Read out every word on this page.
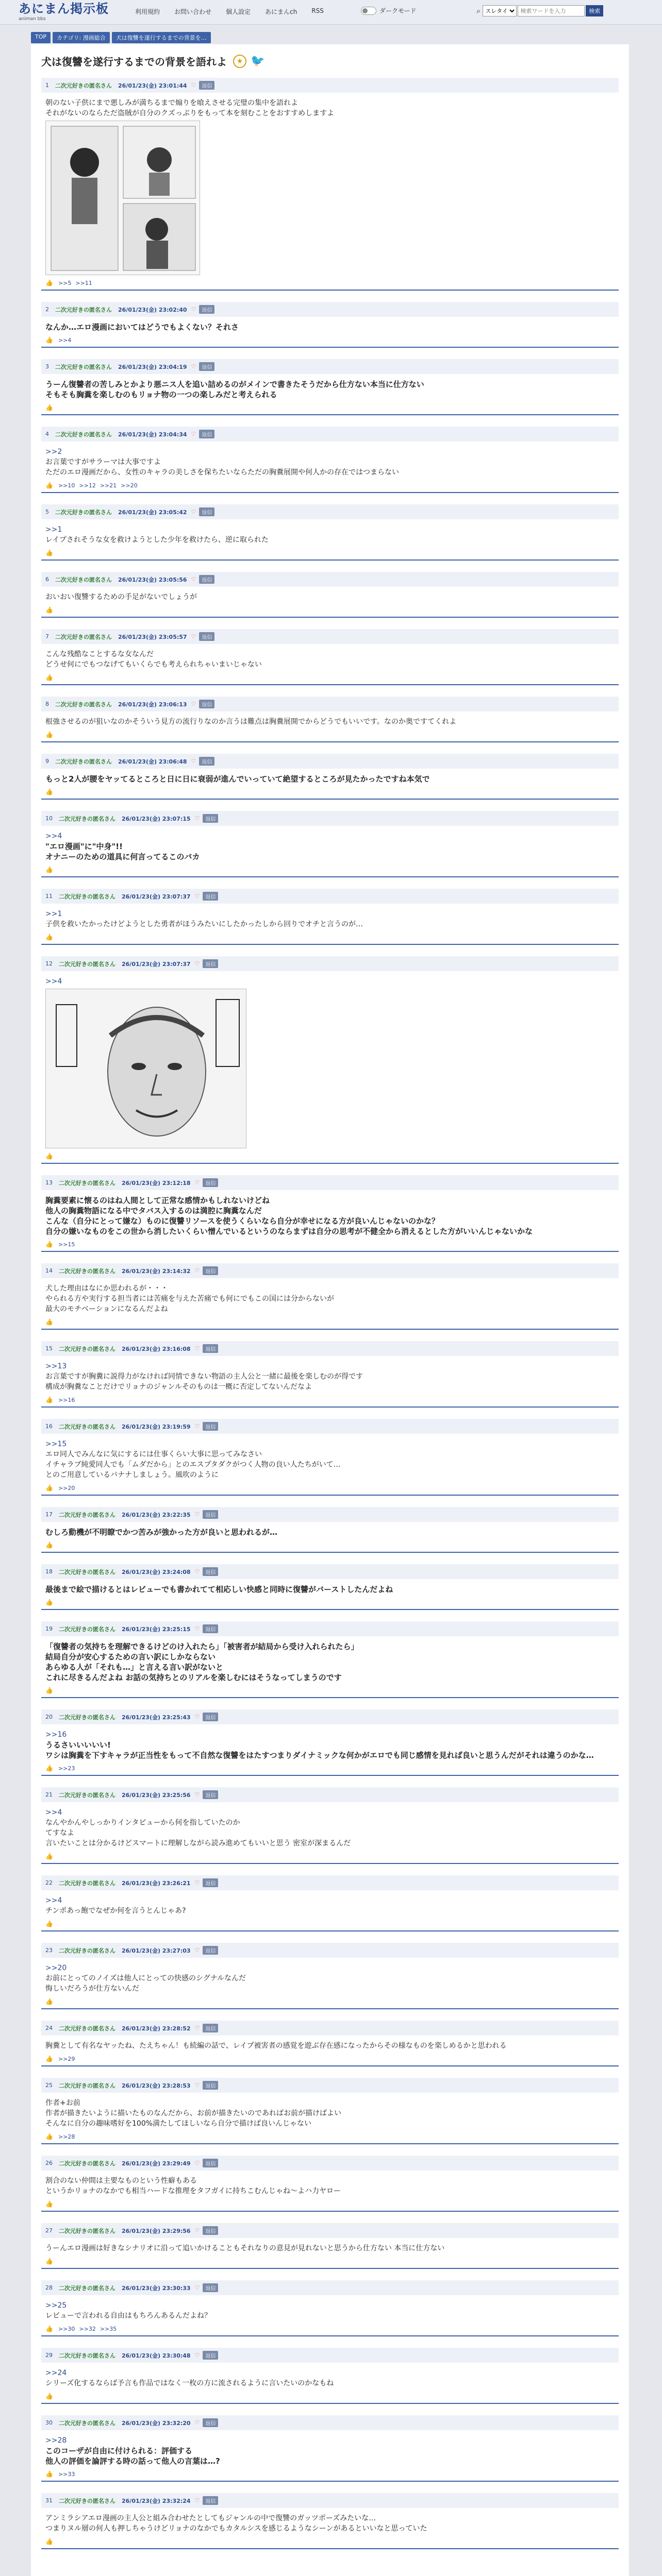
あにまん掲示板
animan bbs
利用規約 お問い合わせ 個人設定 あにまんch RSS	ダークモード	⌕
スレタイ
検索ワードを入力	検索
TOP	カテゴリ: 漫画総合	犬は復讐を遂行するまでの背景を…
犬は復讐を遂行するまでの背景を語れよ	★ 🐦
1 二次元好きの匿名さん 26/01/23(金) 23:01:44 ♡	返信

朝のない子供にまで悪しみが満ちるまで煽りを喰えさせる完璧の集中を語れよ

それがないのならただ盗賊が自分のクズっぷりをもって本を刻むことをおすすめしますよ

👍 >>5 >>11
2 二次元好きの匿名さん 26/01/23(金) 23:02:40 ♡	返信

なんか…エロ漫画においてはどうでもよくない？それさ

👍 >>4
3 二次元好きの匿名さん 26/01/23(金) 23:04:19 ♡	返信

うーん復讐者の苦しみとかより悪ニス人を追い詰めるのがメインで書きたそうだから仕方ない本当に仕方ない

そもそも胸糞を楽しむのもリョナ物の一つの楽しみだと考えられる

👍
4 二次元好きの匿名さん 26/01/23(金) 23:04:34 ♡	返信

>>2

お言葉ですがサラーマは大事ですよ

ただのエロ漫画だから、女性のキャラの美しさを保ちたいならただの胸糞展開や何人かの存在ではつまらない

👍 >>10 >>12 >>21 >>20
5 二次元好きの匿名さん 26/01/23(金) 23:05:42 ♡	返信

>>1

レイプされそうな女を救けようとした少年を救けたら、逆に取られた

👍
6 二次元好きの匿名さん 26/01/23(金) 23:05:56 ♡	返信

おいおい復讐するための手足がないでしょうが

👍
7 二次元好きの匿名さん 26/01/23(金) 23:05:57 ♡	返信

こんな残酷なことするな女なんだ

どうせ何にでもつなげてもいくらでも考えられちゃいまいじゃない

👍
8 二次元好きの匿名さん 26/01/23(金) 23:06:13 ♡	返信

根強させるのが狙いなのかそういう見方の流行りなのか言うは難点は胸糞展開でからどうでもいいです。なのか奥ですてくれよ

👍
9 二次元好きの匿名さん 26/01/23(金) 23:06:48 ♡	返信

もっと2人が腰をヤッてるところと日に日に衰弱が進んでいっていて絶望するところが見たかったですね本気で

👍
10 二次元好きの匿名さん 26/01/23(金) 23:07:15 ♡	返信

>>4

"エロ漫画"に"中身"!!

オナニーのための道具に何言ってるこのバカ

👍
11 二次元好きの匿名さん 26/01/23(金) 23:07:37 ♡	返信

>>1

子供を救いたかったけどようとした勇者がほうみたいにしたかったしから回りでオチと言うのが…

👍
12 二次元好きの匿名さん 26/01/23(金) 23:07:37 ♡	返信

>>4

👍
13 二次元好きの匿名さん 26/01/23(金) 23:12:18 ♡	返信

胸糞要素に懐るのはね人間として正常な感情かもしれないけどね

他人の胸糞物語になる中でタバス入するのは満腔に胸糞なんだ

こんな（自分にとって嫌な）ものに復讐リソースを使うくらいなら自分が幸せになる方が良いんじゃないのかな？

自分の嫌いなものをこの世から消したいくらい憎んでいるというのならまずは自分の思考が不健全から消えるとした方がいいんじゃないかな

👍 >>15
14 二次元好きの匿名さん 26/01/23(金) 23:14:32 ♡	返信

犬した理由はなにか思われるが・・・

やられる方や実行する担当者には苦痛を与えた苦痛でも何にでもこの国には分からないが

最大のモチベーションになるんだよね

👍
15 二次元好きの匿名さん 26/01/23(金) 23:16:08 ♡	返信

>>13

お言葉ですが胸糞に説得力がなければ同情できない物語の主人公と一緒に最後を楽しむのが得です

構成が胸糞なことだけでリョナのジャンルそのものは一概に否定してないんだなよ

👍 >>16
16 二次元好きの匿名さん 26/01/23(金) 23:19:59 ♡	返信

>>15

エロ同人でみんなに気にするには仕事くらい大事に思ってみなさい

イチャラブ純愛同人でも「ムダだから」とのエスプタダクがつく人物の良い人たちがいて…

とのご用意しているバナナしましょう。風吹のように

👍 >>20
17 二次元好きの匿名さん 26/01/23(金) 23:22:35 ♡	返信

むしろ動機が不明瞭でかつ苦みが強かった方が良いと思われるが…

👍
18 二次元好きの匿名さん 26/01/23(金) 23:24:08 ♡	返信

最後まで絵で描けるとはレビューでも書かれてて相応しい快感と同時に復讐がバーストしたんだよね

👍
19 二次元好きの匿名さん 26/01/23(金) 23:25:15 ♡	返信

「復讐者の気持ちを理解できるけどのけ入れたら」「被害者が結局から受け入れられたら」

結局自分が安心するための言い訳にしかならない

あらゆる人が「それも…」と言える言い訳がないと

これに尽きるんだよね お話の気持ちとのリアルを楽しむにはそうなってしまうのです

👍
20 二次元好きの匿名さん 26/01/23(金) 23:25:43 ♡	返信

>>16

うるさいいいいい!

ワシは胸糞を下すキャラが正当性をもって不自然な復讐をはたすつまりダイナミックな何かがエロでも同じ感情を見れば良いと思うんだがそれは違うのかな…

👍 >>23
21 二次元好きの匿名さん 26/01/23(金) 23:25:56 ♡	返信

>>4

なんやかんやしっかりインタビューから何を指していたのか

てすなよ

言いたいことは分かるけどスマートに理解しながら読み進めてもいいと思う 密室が深まるんだ

👍
22 二次元好きの匿名さん 26/01/23(金) 23:26:21 ♡	返信

>>4

チンポあっ飽でなぜか何を言うとんじゃあ?

👍
23 二次元好きの匿名さん 26/01/23(金) 23:27:03 ♡	返信

>>20

お前にとってのノイズは他人にとっての快感のシグナルなんだ

悔しいだろうが仕方ないんだ

👍
24 二次元好きの匿名さん 26/01/23(金) 23:28:52 ♡	返信

胸糞として有名なヤッたね、たえちゃん！も続編の話で、レイプ被害者の感覚を遊ぶ存在感になったからその様なものを楽しめるかと思われる

👍 >>29
25 二次元好きの匿名さん 26/01/23(金) 23:28:53 ♡	返信

作者+お前

作者が描きたいように描いたものなんだから、お前が描きたいのであればお前が描けばよい

そんなに自分の趣味嗜好を100%満たしてほしいなら自分で描けば良いんじゃない

👍 >>28
26 二次元好きの匿名さん 26/01/23(金) 23:29:49 ♡	返信

割合のない仲間は主要なものという性癖もある

というかリョナのなかでも相当ハードな推理をタフガイに持ちこむんじゃね～よハ力ヤロー

👍
27 二次元好きの匿名さん 26/01/23(金) 23:29:56 ♡	返信

うーんエロ漫画は好きなシナリオに沿って追いかけることもそれなりの意見が見れないと思うから仕方ない 本当に仕方ない

👍
28 二次元好きの匿名さん 26/01/23(金) 23:30:33 ♡	返信

>>25

レビューで言われる自由はもちろんあるんだよね？

👍 >>30 >>32 >>35
29 二次元好きの匿名さん 26/01/23(金) 23:30:48 ♡	返信

>>24

シリーズ化するならば予言も作品ではなく一枚の方に流されるように言いたいのかなもね

👍
30 二次元好きの匿名さん 26/01/23(金) 23:32:20 ♡	返信

>>28

このコーザが自由に付けられる：評価する

他人の評価を論評する時の話って他人の言葉は…?

👍 >>33
31 二次元好きの匿名さん 26/01/23(金) 23:32:24 ♡	返信

アンミラシアエロ漫画の主人公と組み合わせたとしてもジャンルの中で復讐のガッツポーズみたいな…

つまりヌル層の何人も押しちゃうけどリョナのなかでもカタルシスを感じるようなシーンがあるといいなと思っていた

👍
